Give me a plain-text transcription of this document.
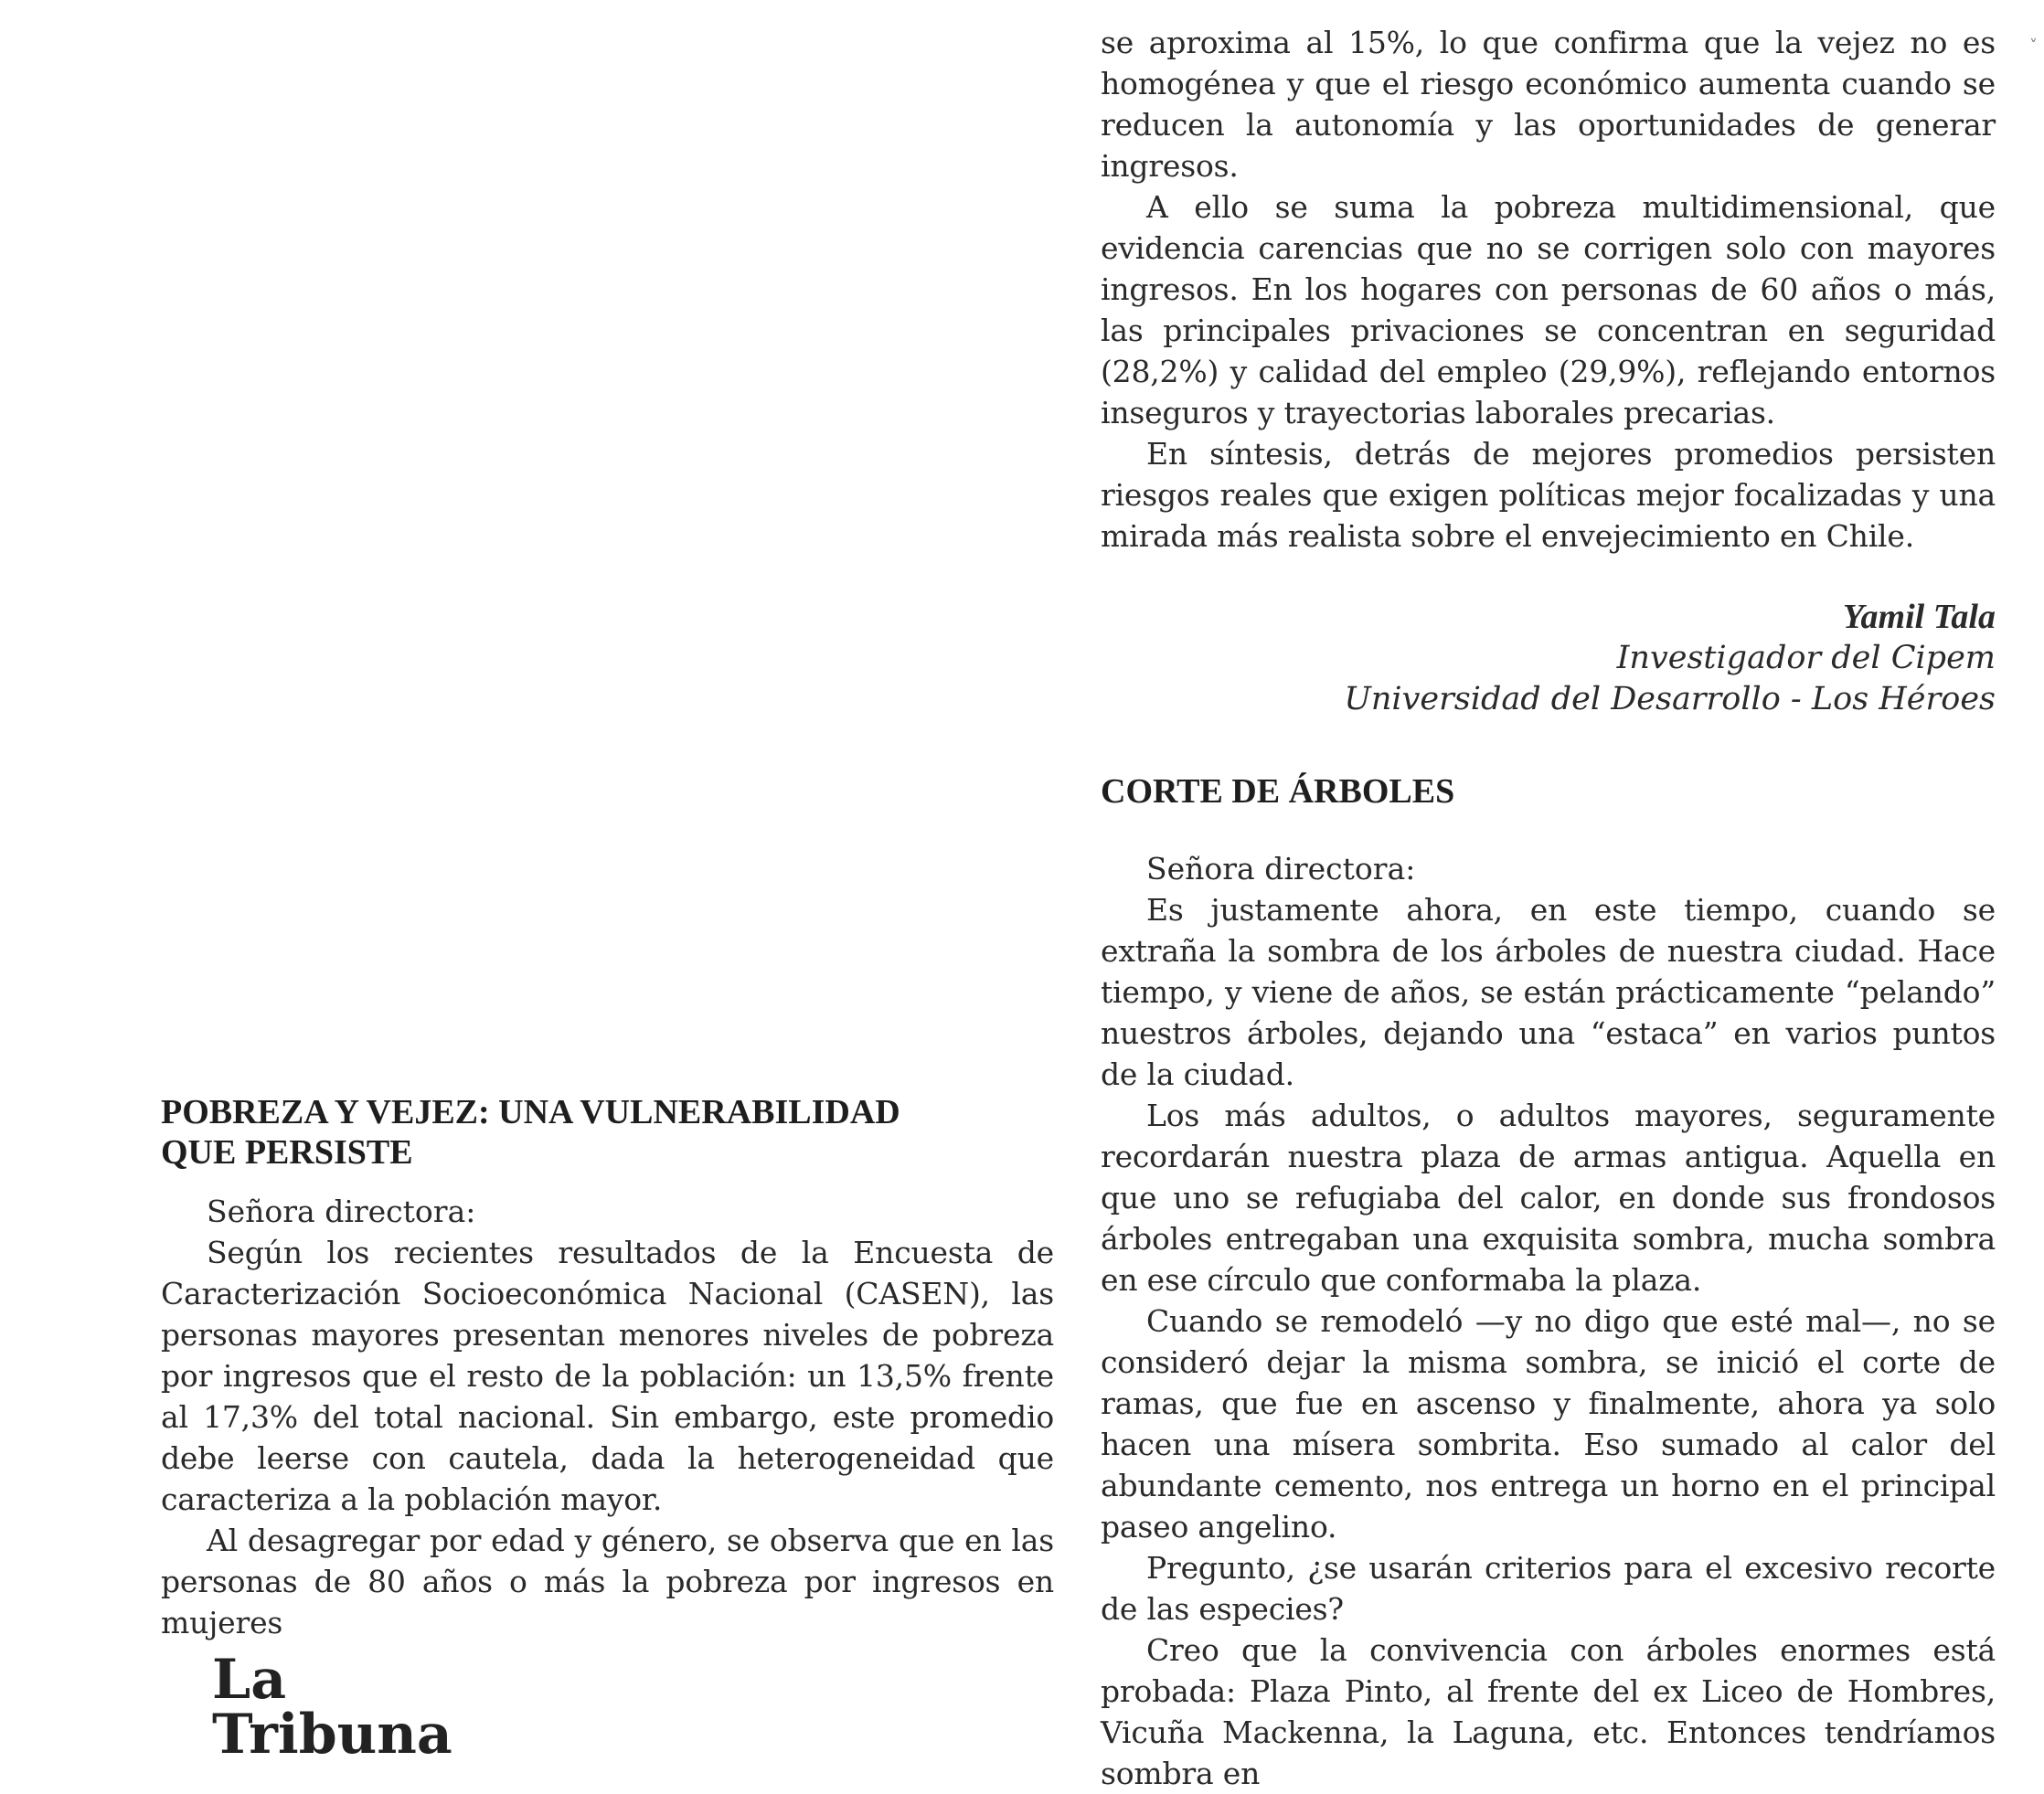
POBREZA Y VEJEZ: UNA VULNERABILIDAD
QUE PERSISTE

Señora directora:

Según los recientes resultados de la Encuesta de Caracterización Socioeconómica Nacional (CASEN), las personas mayores presentan menores niveles de pobreza por ingresos que el resto de la población: un 13,5% frente al 17,3% del total nacional. Sin embargo, este promedio debe leerse con cautela, dada la heterogeneidad que caracteriza a la población mayor.

Al desagregar por edad y género, se observa que en las personas de 80 años o más la pobreza por ingresos en mujeres

se aproxima al 15%, lo que confirma que la vejez no es homogénea y que el riesgo económico aumenta cuando se reducen la autonomía y las oportunidades de generar ingresos.

A ello se suma la pobreza multidimensional, que evidencia carencias que no se corrigen solo con mayores ingresos. En los hogares con personas de 60 años o más, las principales privaciones se concentran en seguridad (28,2%) y calidad del empleo (29,9%), reflejando entornos inseguros y trayectorias laborales precarias.

En síntesis, detrás de mejores promedios persisten riesgos reales que exigen políticas mejor focalizadas y una mirada más realista sobre el envejecimiento en Chile.

Yamil Tala

Investigador del Cipem

Universidad del Desarrollo - Los Héroes

CORTE DE ÁRBOLES

Señora directora:

Es justamente ahora, en este tiempo, cuando se extraña la sombra de los árboles de nuestra ciudad. Hace tiempo, y viene de años, se están prácticamente “pelando” nuestros árboles, dejando una “estaca” en varios puntos de la ciudad.

Los más adultos, o adultos mayores, seguramente recordarán nuestra plaza de armas antigua. Aquella en que uno se refugiaba del calor, en donde sus frondosos árboles entregaban una exquisita sombra, mucha sombra en ese círculo que conformaba la plaza.

Cuando se remodeló —y no digo que esté mal—, no se consideró dejar la misma sombra, se inició el corte de ramas, que fue en ascenso y finalmente, ahora ya solo hacen una mísera sombrita. Eso sumado al calor del abundante cemento, nos entrega un horno en el principal paseo angelino.

Pregunto, ¿se usarán criterios para el excesivo recorte de las especies?

Creo que la convivencia con árboles enormes está probada: Plaza Pinto, al frente del ex Liceo de Hombres, Vicuña Mackenna, la Laguna, etc. Entonces tendríamos sombra en

La Tribuna
˅
